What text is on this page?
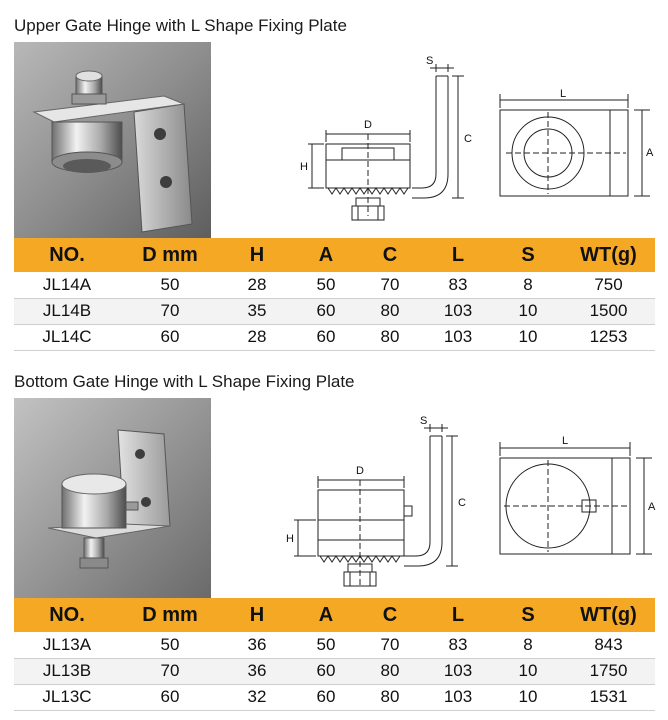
Upper Gate Hinge with L Shape Fixing Plate
S
D
H
C
L
A
NO.	D mm	H	A	C	L	S	WT(g)
JL14A	50	28	50	70	83	8	750
JL14B	70	35	60	80	103	10	1500
JL14C	60	28	60	80	103	10	1253
Bottom Gate Hinge with L Shape Fixing Plate
S
D
H
C
L
A
NO.	D mm	H	A	C	L	S	WT(g)
JL13A	50	36	50	70	83	8	843
JL13B	70	36	60	80	103	10	1750
JL13C	60	32	60	80	103	10	1531
